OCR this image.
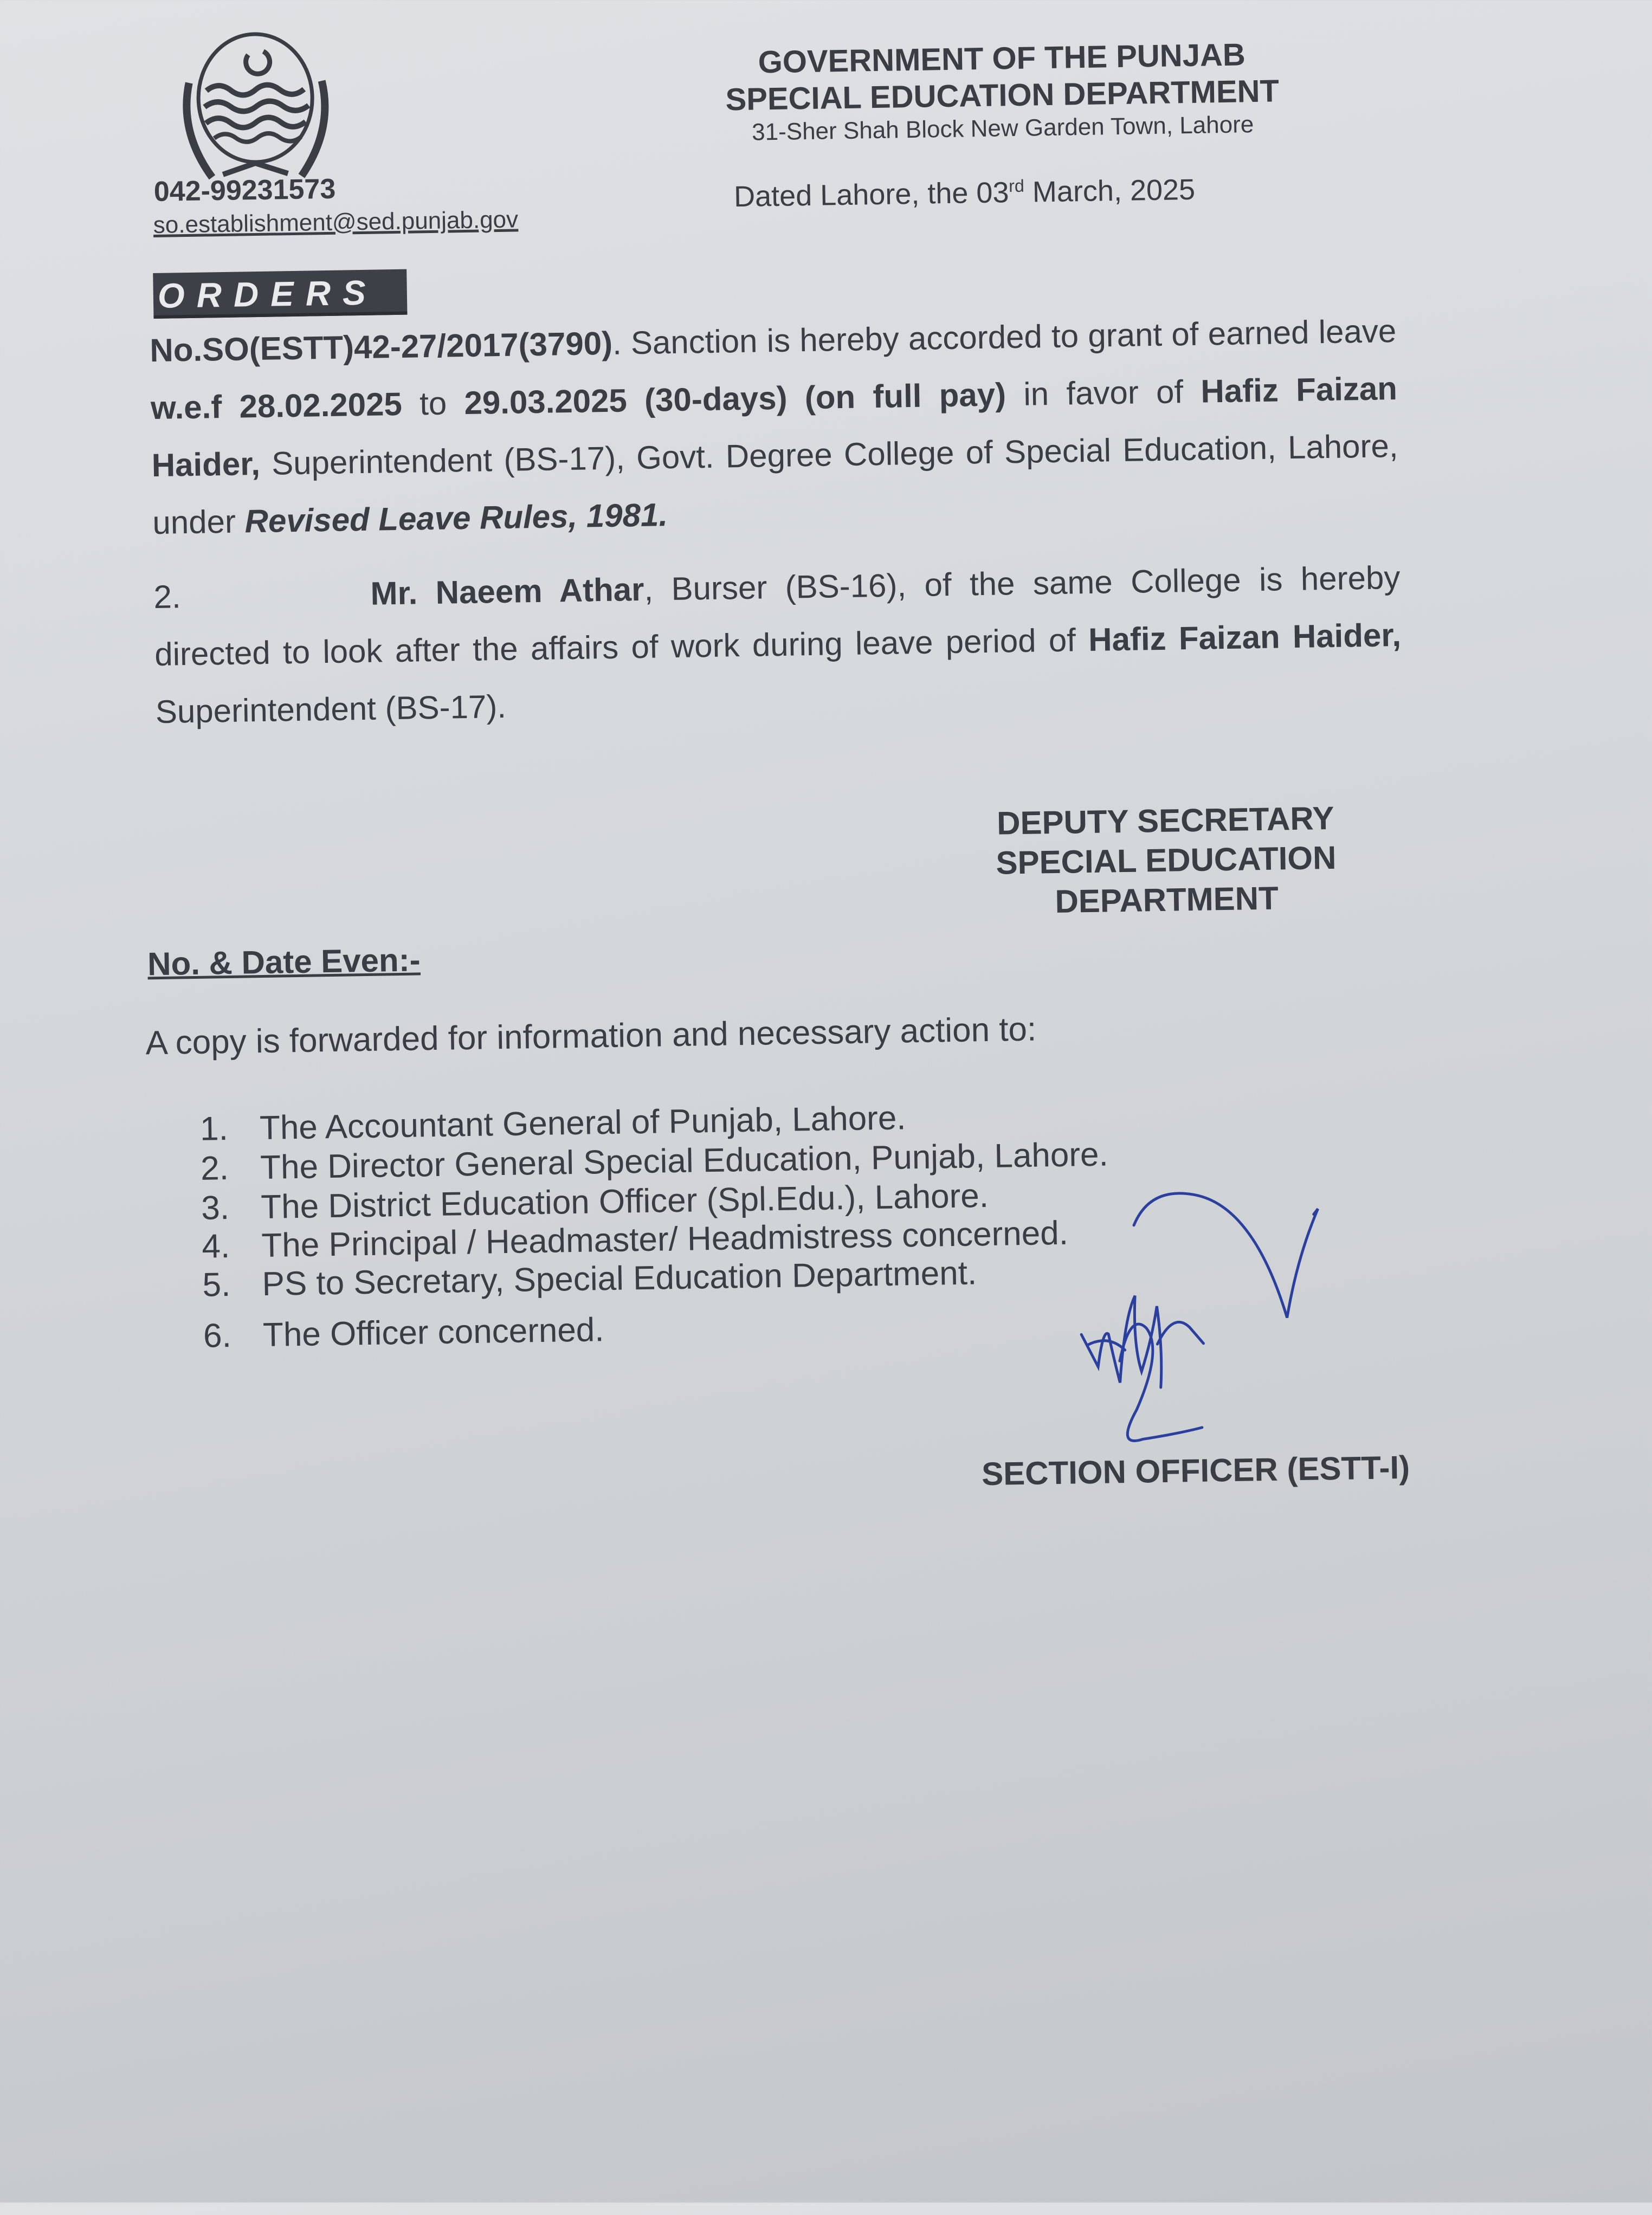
GOVERNMENT OF THE PUNJAB
SPECIAL EDUCATION DEPARTMENT
31-Sher Shah Block New Garden Town, Lahore
042-99231573
so.establishment@sed.punjab.gov
Dated Lahore, the 03rd March, 2025
ORDERS

No.SO(ESTT)42-27/2017(3790). Sanction is hereby accorded to grant of earned leave w.e.f 28.02.2025 to 29.03.2025 (30-days) (on full pay) in favor of Hafiz Faizan Haider, Superintendent (BS-17), Govt. Degree College of Special Education, Lahore, under Revised Leave Rules, 1981.

2.	Mr. Naeem Athar, Burser (BS-16), of the same College is hereby directed to look after the affairs of work during leave period of Hafiz Faizan Haider, Superintendent (BS-17).

DEPUTY SECRETARY
SPECIAL EDUCATION
DEPARTMENT
No. & Date Even:-
A copy is forwarded for information and necessary action to:
1. The Accountant General of Punjab, Lahore.
2. The Director General Special Education, Punjab, Lahore.
3. The District Education Officer (Spl.Edu.), Lahore.
4. The Principal / Headmaster/ Headmistress concerned.
5. PS to Secretary, Special Education Department.
6. The Officer concerned.
SECTION OFFICER (ESTT-I)
